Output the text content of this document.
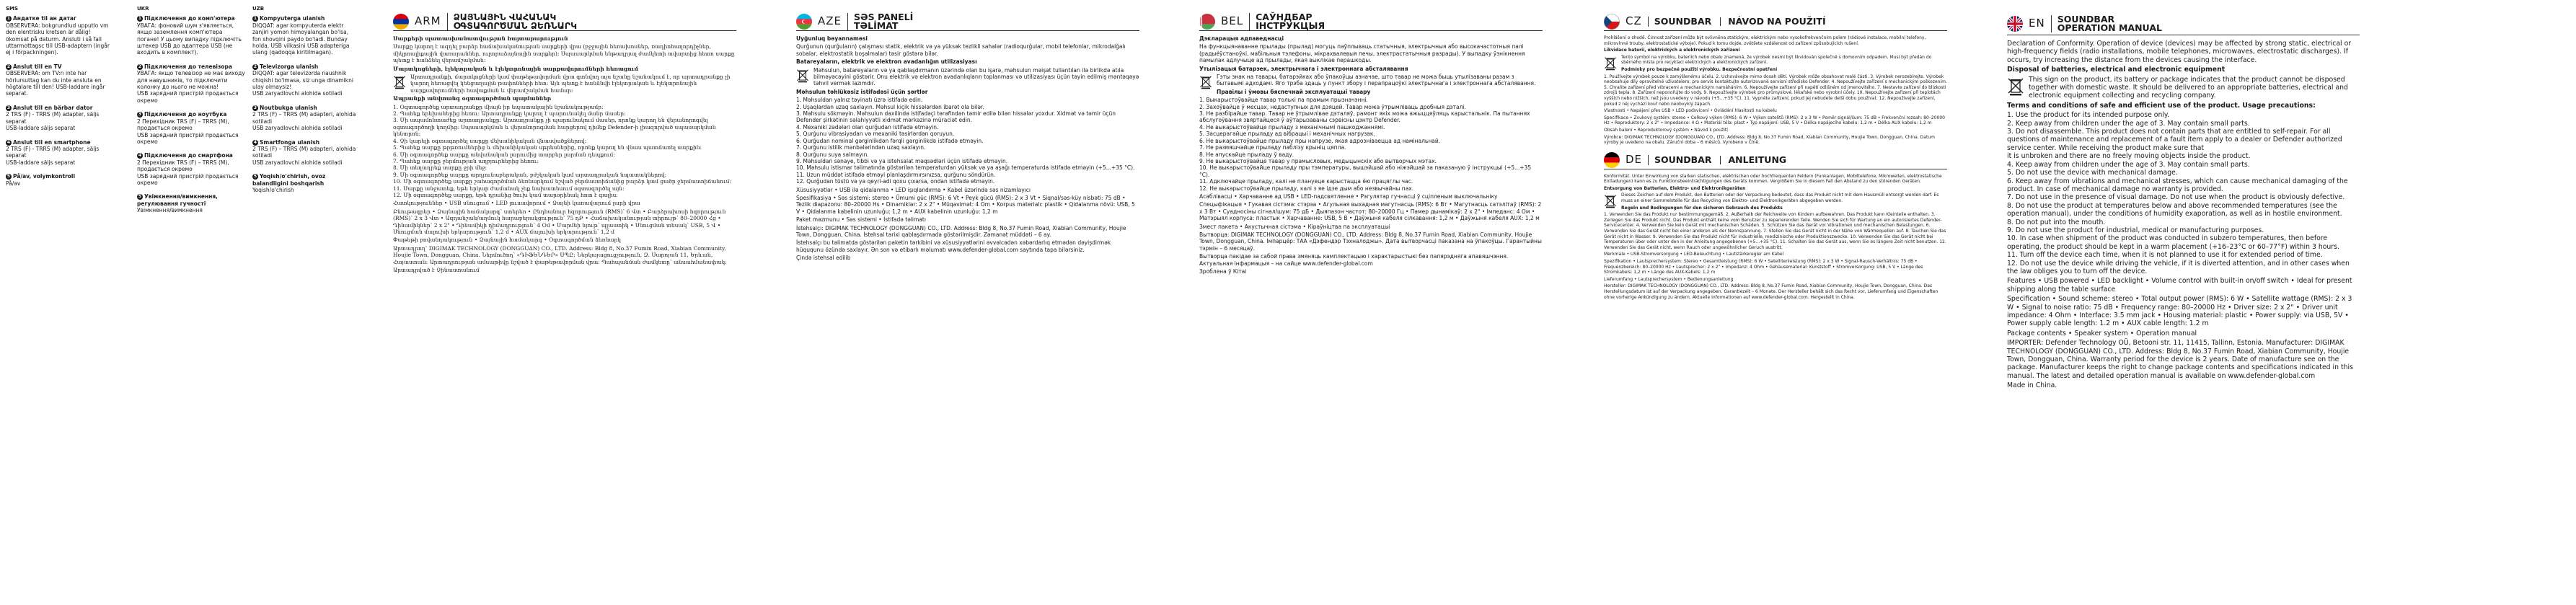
SMS

1 Андатке tii ан датаг

OBSERVERA: bokgrundlud upputlo vm den elentrisku kretsen är dålig! ökomsat på daturm. Ansluti i så fall uttarmottagsc till USB-adaptern (ingår ej i förpackningen).

2 Anslut till en TV

OBSERVERA: om TV:n inte har hörlursuttag kan du inte ansluta en högtalare till den! USB-laddare ingår separat.

3 Anslut till en bärbar dator

2 TRS (F) - TRRS (M) adapter, säljs separat
USB-laddare säljs separat

4 Anslut till en smartphone

2 TRS (F) - TRRS (M) adapter, säljs separat
USB-laddare säljs separat

5 På/av, volymkontroll

På/av

UKR

1 Підключення до комп'ютера

УВАГА: фоновий шум з'являється, якщо заземлення комп'ютера погане! У цьому випадку підключіть штекер USB до адаптера USB (не входить в комплект).

2 Підключення до телевізора

УВАГА: якщо телевізор не має виходу для навушників, то підключити колонку до нього не можна!
USB зарядний пристрій продається окремо

3 Підключення до ноутбука

2 Перехідник TRS (F) – TRRS (M), продається окремо
USB зарядний пристрій продається окремо

4 Підключення до смартфона

2 Перехідник TRS (F) – TRRS (M), продається окремо
USB зарядний пристрій продається окремо

5 Увімкнення/вимкнення, регулювання гучності

Увімкнення/вимкнення

UZB

1 Kompyuterga ulanish

DIQQAT: agar kompyuterda elektr zanjiri yomon himoyalangan bo'lsa, fon shovqini paydo bo'ladi. Bunday holda, USB vilkasini USB adapteriga ulang (qadoqqa kiritilmagan).

2 Televizorga ulanish

DIQQAT: agar televizorda naushnik chiqishi bo'lmasa, siz unga dinamikni ulay olmaysiz!
USB zaryadlovchi alohida sotiladi

3 Noutbukga ulanish

2 TRS (F) – TRRS (M) adapteri, alohida sotiladi
USB zaryadlovchi alohida sotiladi

4 Smartfonga ulanish

2 TRS (F) – TRRS (M) adapteri, alohida sotiladi
USB zaryadlovchi alohida sotiladi

5 Yoqish/o'chirish, ovoz balandligini boshqarish

Yoqish/o'chirish

ARM ՁԱՅՆԱՅԻՆ ՎԱՀԱՆԱԿ
ՕԳՏԱԳՈՐԾՄԱՆ ՁԵՌՆԱՐԿ

Սարքերի պատասխանատվության հայտարարություն

Սարքը կարող է ազդել բարձր հաճախականության սարքերի վրա (բջջային հեռախոսներ, ռադիոհաղորդիչներ, միկրոալիքային վառարաններ, ուլտրաձայնային սարքեր)։ Սպասարկման ենթադրյալ ժամկետի ավարտից հետո սարքը պետք է հանձնել վերամշակման։

Մարտկոցների, էլեկտրական և էլեկտրոնային սարքավորումների հեռացում

Արտադրանքի, մարտկոցների կամ փաթեթավորման վրա գտնվող այս նշանը նշանակում է, որ արտադրանքը չի կարող հեռացվել կենցաղային թափոնների հետ։ Այն պետք է հանձնվի էլեկտրական և էլեկտրոնային սարքավորումների հավաքման և վերամշակման համար։

Ապրանքի անվտանգ օգտագործման պայմաններ

1. Օգտագործեք արտադրանքը միայն իր նպատակային նշանակությամբ։
2. Պահեք երեխաներից հեռու։ Արտադրանքը կարող է պարունակել մանր մասեր։
3. Մի ապամոնտաժեք արտադրանքը։ Արտադրանքը չի պարունակում մասեր, որոնք կարող են վերանորոգվել օգտագործողի կողմից։ Սպասարկման և վերանորոգման հարցերով դիմեք Defender-ի լիազորված սպասարկման կենտրոն։
4. Չի կարելի օգտագործել սարքը մեխանիկական վնասվածքներով։
5. Պահեք սարքը թրթռումներից և մեխանիկական սթրեսներից, որոնք կարող են վնաս պատճառել սարքին։
6. Մի օգտագործեք սարքը անվանական լարումից տարբեր լարման դեպքում։
7. Պահեք սարքը ջերմության աղբյուրներից հեռու։
8. Մի տեղադրեք սարքը ջրի մեջ։
9. Մի օգտագործեք սարքը արդյունաբերական, բժշկական կամ արտադրական նպատակներով։
10. Մի օգտագործեք սարքը շահագործման ձեռնարկում նշված ջերմաստիճանից բարձր կամ ցածր ջերմաստիճանում։
11. Սարքը անջատեք, եթե երկար ժամանակ չեք նախատեսում օգտագործել այն։
12. Մի օգտագործեք սարքը, եթե դրանից ծուխ կամ տարօրինակ հոտ է գալիս։

Հատկություններ • USB սնուցում • LED լուսավորում • Ձայնի կառավարում լարի վրա

Բնութագրեր • Ձայնային համակարգ՝ ստերեո • Ընդհանուր հզորություն (RMS)՝ 6 Վտ • Բարձրախոսի հզորություն (RMS)՝ 2 x 3 Վտ • Ազդանշան/աղմուկ հարաբերակցություն՝ 75 դԲ • Հաճախականության տիրույթ՝ 80–20000 Հց • Դինամիկներ՝ 2 x 2" • Դինամիկի դիմադրություն՝ 4 Օմ • Մարմնի նյութ՝ պլաստիկ • Սնուցման տեսակ՝ USB, 5 Վ • Սնուցման մալուխի երկարություն՝ 1,2 մ • AUX մալուխի երկարություն՝ 1,2 մ

Փաթեթի բովանդակություն • Ձայնային համակարգ • Օգտագործման ձեռնարկ

Արտադրող՝ DIGIMAK TECHNOLOGY (DONGGUAN) CO., LTD. Address: Bldg 8, No.37 Fumin Road, Xiabian Community, Houjie Town, Dongguan, China. Ներմուծող՝ «ԴԻՖԵՆԴԵՐ» ՍՊԸ։ Ներկայացուցչություն, Զ. Սարոյան 11, Երևան, Հայաստան։ Արտադրության ամսաթիվը նշված է փաթեթավորման վրա։ Պահպանման ժամկետը՝ անսահմանափակ։

Արտադրված է Չինաստանում

AZE SƏS PANELİ
TƏLİMAT

Uyğunluq bəyannaməsi

Qurğunun (qurğuların) çalışması statik, elektrik və ya yüksək tezlikli sahələr (radioqurğular, mobil telefonlar, mikrodalğalı sobalar, elektrostatik boşalmalar) təsir göstərə bilər.

Batareyaların, elektrik və elektron avadanlığın utilizasiyası

Məhsulun, batareyaların və ya qablaşdırmanın üzərində olan bu işarə, məhsulun məişət tullantıları ilə birlikdə atıla bilməyəcəyini göstərir. Onu elektrik və elektron avadanlıqların toplanması və utilizasiyası üçün təyin edilmiş məntəqəyə təhvil vermək lazımdır.

Məhsulun təhlükəsiz istifadəsi üçün şərtlər

1. Məhsuldan yalnız təyinatı üzrə istifadə edin.
2. Uşaqlardan uzaq saxlayın. Məhsul kiçik hissələrdən ibarət ola bilər.
3. Məhsulu sökməyin. Məhsulun daxilində istifadəçi tərəfindən təmir edilə bilən hissələr yoxdur. Xidmət və təmir üçün Defender şirkətinin səlahiyyətli xidmət mərkəzinə müraciət edin.
4. Mexaniki zədələri olan qurğudan istifadə etməyin.
5. Qurğunu vibrasiyadan və mexaniki təsirlərdən qoruyun.
6. Qurğudan nominal gərginlikdən fərqli gərginlikdə istifadə etməyin.
7. Qurğunu istilik mənbələrindən uzaq saxlayın.
8. Qurğunu suya salmayın.
9. Məhsuldan sənaye, tibbi və ya istehsalat məqsədləri üçün istifadə etməyin.
10. Məhsulu istismar təlimatında göstərilən temperaturdan yüksək və ya aşağı temperaturda istifadə etməyin (+5...+35 °C).
11. Uzun müddət istifadə etməyi planlaşdırmırsınızsa, qurğunu söndürün.
12. Qurğudan tüstü və ya qeyri-adi qoxu çıxarsa, ondan istifadə etməyin.

Xüsusiyyətlər • USB ilə qidalanma • LED işıqlandırma • Kabel üzərində səs nizamlayıcı

Spesifikasiya • Səs sistemi: stereo • Ümumi güc (RMS): 6 Vt • Peyk gücü (RMS): 2 x 3 Vt • Siqnal/səs-küy nisbəti: 75 dB • Tezlik diapazonu: 80–20000 Hs • Dinamiklər: 2 x 2" • Müqavimət: 4 Om • Korpus materialı: plastik • Qidalanma növü: USB, 5 V • Qidalanma kabelinin uzunluğu: 1,2 m • AUX kabelinin uzunluğu: 1,2 m

Paket məzmunu • Səs sistemi • İstifadə təlimatı

İstehsalçı: DIGIMAK TECHNOLOGY (DONGGUAN) CO., LTD. Address: Bldg 8, No.37 Fumin Road, Xiabian Community, Houjie Town, Dongguan, China. İstehsal tarixi qablaşdırmada göstərilmişdir. Zəmanət müddəti – 6 ay.

İstehsalçı bu təlimatda göstərilən paketin tərkibini və xüsusiyyətlərini əvvəlcədən xəbərdarlıq etmədən dəyişdirmək hüququnu özündə saxlayır. Ən son və etibarlı məlumatı www.defender-global.com saytında tapa bilərsiniz.

Çində istehsal edilib

BEL САЎНДБАР
ІНСТРУКЦЫЯ

Дэкларацыя адпаведнасці

На функцыянаванне прылады (прылад) могуць паўплываць статычныя, электрычныя або высокачастотныя палі (радыёўстаноўкі, мабільныя тэлефоны, мікрахвалевыя печы, электрастатычныя разрады). У выпадку ўзнікнення памылак адлучыце ад прылады, якая выклікае перашкоды.

Утылізацыя батарэек, электрычнага і электроннага абсталявання

Гэты знак на тавары, батарэйках або ўпакоўцы азначае, што тавар не можа быць утылізаваны разам з бытавымі адходамі. Яго трэба здаць у пункт збору і перапрацоўкі электрычнага і электроннага абсталявання.

Правілы і ўмовы бяспечнай эксплуатацыі тавару

1. Выкарыстоўвайце тавар толькі па прамым прызначэнні.
2. Захоўвайце ў месцах, недаступных для дзяцей. Тавар можа ўтрымліваць дробныя дэталі.
3. Не разбірайце тавар. Тавар не ўтрымлівае дэталяў, рамонт якіх можа ажыццяўляць карыстальнік. Па пытаннях абслугоўвання звяртайцеся ў аўтарызаваны сэрвісны цэнтр Defender.
4. Не выкарыстоўвайце прыладу з механічнымі пашкоджаннямі.
5. Засцерагайце прыладу ад вібрацыі і механічных нагрузак.
6. Не выкарыстоўвайце прыладу пры напрузе, якая адрозніваецца ад намінальнай.
7. Не размяшчайце прыладу паблізу крыніц цяпла.
8. Не апускайце прыладу ў ваду.
9. Не выкарыстоўвайце тавар у прамысловых, медыцынскіх або вытворчых мэтах.
10. Не выкарыстоўвайце прыладу пры тэмпературы, вышэйшай або ніжэйшай за паказаную ў інструкцыі (+5...+35 °C).
11. Адключайце прыладу, калі не плануеце карыстацца ёю працяглы час.
12. Не выкарыстоўвайце прыладу, калі з яе ідзе дым або незвычайны пах.

Асаблівасці • Харчаванне ад USB • LED-падсвятленне • Рэгулятар гучнасці ў сціпленым выключальніку

Спецыфікацыя • Гукавая сістэма: стэрэа • Агульная выхадная магутнасць (RMS): 6 Вт • Магутнасць сатэлітаў (RMS): 2 x 3 Вт • Суадносіны сігнал/шум: 75 дБ • Дыяпазон частот: 80–20000 Гц • Памер дынамікаў: 2 x 2" • Імпеданс: 4 Ом • Матэрыял корпуса: пластык • Харчаванне: USB, 5 В • Даўжыня кабеля сілкавання: 1,2 м • Даўжыня кабеля AUX: 1,2 м

Змест пакета • Акустычная сістэма • Кіраўніцтва па эксплуатацыі

Вытворца: DIGIMAK TECHNOLOGY (DONGGUAN) CO., LTD. Address: Bldg 8, No.37 Fumin Road, Xiabian Community, Houjie Town, Dongguan, China. Імпарцёр: ТАА «Дэфендэр Тэхналоджы». Дата вытворчасці паказана на ўпакоўцы. Гарантыйны тэрмін – 6 месяцаў.

Вытворца пакідае за сабой права змяняць камплектацыю і характарыстыкі без папярэдняга апавяшчэння. Актуальная інфармацыя – на сайце www.defender-global.com

Зроблена ў Кітаі

CZ SOUNDBAR	NÁVOD NA POUŽITÍ

Prohlášení o shodě. Činnost zařízení může být ovlivněna statickým, elektrickým nebo vysokofrekvenčním polem (rádiové instalace, mobilní telefony, mikrovlnné trouby, elektrostatické výboje). Pokud k tomu dojde, zvětšete vzdálenost od zařízení způsobujících rušení.

Likvidace baterií, elektrických a elektronických zařízení

Tento symbol na výrobku, bateriích nebo obalu znamená, že výrobek nesmí být likvidován společně s domovním odpadem. Musí být předán do sběrného místa pro recyklaci elektrických a elektronických zařízení.

Podmínky pro bezpečné použití výrobku. Bezpečnostní opatření

1. Používejte výrobek pouze k zamýšlenému účelu. 2. Uchovávejte mimo dosah dětí. Výrobek může obsahovat malé části. 3. Výrobek nerozebírejte. Výrobek neobsahuje díly opravitelné uživatelem; pro servis kontaktujte autorizované servisní středisko Defender. 4. Nepoužívejte zařízení s mechanickým poškozením. 5. Chraňte zařízení před vibracemi a mechanickým namáháním. 6. Nepoužívejte zařízení při napětí odlišném od jmenovitého. 7. Nestavte zařízení do blízkosti zdrojů tepla. 8. Zařízení neponořujte do vody. 9. Nepoužívejte výrobek pro průmyslové, lékařské nebo výrobní účely. 10. Nepoužívejte zařízení při teplotách vyšších nebo nižších, než jsou uvedeny v návodu (+5...+35 °C). 11. Vypněte zařízení, pokud jej nebudete delší dobu používat. 12. Nepoužívejte zařízení, pokud z něj vychází kouř nebo neobvyklý zápach.

Vlastnosti • Napájení přes USB • LED podsvícení • Ovládání hlasitosti na kabelu

Specifikace • Zvukový systém: stereo • Celkový výkon (RMS): 6 W • Výkon satelitů (RMS): 2 x 3 W • Poměr signál/šum: 75 dB • Frekvenční rozsah: 80–20000 Hz • Reproduktory: 2 x 2" • Impedance: 4 Ω • Materiál těla: plast • Typ napájení: USB, 5 V • Délka napájecího kabelu: 1,2 m • Délka AUX kabelu: 1,2 m

Obsah balení • Reproduktorový systém • Návod k použití

Výrobce: DIGIMAK TECHNOLOGY (DONGGUAN) CO., LTD. Address: Bldg 8, No.37 Fumin Road, Xiabian Community, Houjie Town, Dongguan, China. Datum výroby je uvedeno na obalu. Záruční doba – 6 měsíců. Vyrobeno v Číně.

DE SOUNDBAR	ANLEITUNG

Konformität. Unter Einwirkung von starken statischen, elektrischen oder hochfrequenten Feldern (Funkanlagen, Mobiltelefone, Mikrowellen, elektrostatische Entladungen) kann es zu Funktionsbeeinträchtigungen des Geräts kommen. Vergrößern Sie in diesem Fall den Abstand zu den störenden Geräten.

Entsorgung von Batterien, Elektro- und Elektronikgeräten

Dieses Zeichen auf dem Produkt, den Batterien oder der Verpackung bedeutet, dass das Produkt nicht mit dem Hausmüll entsorgt werden darf. Es muss an einer Sammelstelle für das Recycling von Elektro- und Elektronikgeräten abgegeben werden.

Regeln und Bedingungen für den sicheren Gebrauch des Produkts

1. Verwenden Sie das Produkt nur bestimmungsgemäß. 2. Außerhalb der Reichweite von Kindern aufbewahren. Das Produkt kann Kleinteile enthalten. 3. Zerlegen Sie das Produkt nicht. Das Produkt enthält keine vom Benutzer zu reparierenden Teile. Wenden Sie sich für Wartung an ein autorisiertes Defender-Servicecenter. 4. Verwenden Sie kein Gerät mit mechanischen Schäden. 5. Schützen Sie das Gerät vor Vibrationen und mechanischen Belastungen. 6. Verwenden Sie das Gerät nicht bei einer anderen als der Nennspannung. 7. Stellen Sie das Gerät nicht in der Nähe von Wärmequellen auf. 8. Tauchen Sie das Gerät nicht in Wasser. 9. Verwenden Sie das Produkt nicht für industrielle, medizinische oder Produktionszwecke. 10. Verwenden Sie das Gerät nicht bei Temperaturen über oder unter den in der Anleitung angegebenen (+5...+35 °C). 11. Schalten Sie das Gerät aus, wenn Sie es längere Zeit nicht benutzen. 12. Verwenden Sie das Gerät nicht, wenn Rauch oder ungewöhnlicher Geruch austritt.

Merkmale • USB-Stromversorgung • LED-Beleuchtung • Lautstärkeregler am Kabel

Spezifikation • Lautsprechersystem: Stereo • Gesamtleistung (RMS): 6 W • Satellitenleistung (RMS): 2 x 3 W • Signal-Rausch-Verhältnis: 75 dB • Frequenzbereich: 80–20000 Hz • Lautsprecher: 2 x 2" • Impedanz: 4 Ohm • Gehäusematerial: Kunststoff • Stromversorgung: USB, 5 V • Länge des Stromkabels: 1,2 m • Länge des AUX-Kabels: 1,2 m

Lieferumfang • Lautsprechersystem • Bedienungsanleitung

Hersteller: DIGIMAK TECHNOLOGY (DONGGUAN) CO., LTD. Address: Bldg 8, No.37 Fumin Road, Xiabian Community, Houjie Town, Dongguan, China. Das Herstellungsdatum ist auf der Verpackung angegeben. Garantiezeit – 6 Monate. Der Hersteller behält sich das Recht vor, Lieferumfang und Eigenschaften ohne vorherige Ankündigung zu ändern. Aktuelle Informationen auf www.defender-global.com. Hergestellt in China.

EN SOUNDBAR
OPERATION MANUAL

Declaration of Conformity. Operation of device (devices) may be affected by strong static, electrical or high-frequency fields (radio installations, mobile telephones, microwaves, electrostatic discharges). If occurs, try increasing the distance from the devices causing the interface.

Disposal of batteries, electrical and electronic equipment

This sign on the product, its battery or package indicates that the product cannot be disposed together with domestic waste. It should be delivered to an appropriate batteries, electrical and electronic equipment collecting and recycling company.

Terms and conditions of safe and efficient use of the product. Usage precautions:

1. Use the product for its intended purpose only.
2. Keep away from children under the age of 3. May contain small parts.
3. Do not disassemble. This product does not contain parts that are entitled to self-repair. For all questions of maintenance and replacement of a fault item apply to a dealer or Defender authorized service center. While receiving the product make sure that
it is unbroken and there are no freely moving objects inside the product.
4. Keep away from children under the age of 3. May contain small parts.
5. Do not use the device with mechanical damage.
6. Keep away from vibrations and mechanical stresses, which can cause mechanical damaging of the product. In case of mechanical damage no warranty is provided.
7. Do not use in the presence of visual damage. Do not use when the product is obviously defective.
8. Do not use the product at temperatures below and above recommended temperatures (see the operation manual), under the conditions of humidity exaporation, as well as in hostile environment.
8. Do not put into the mouth.
9. Do not use the product for industrial, medical or manufacturing purposes.
10. In case when shipment of the product was conducted in subzero temperatures, then before operating, the product should be kept in a warm placement (+16–23°C or 60–77°F) within 3 hours.
11. Turn off the device each time, when it is not planned to use it for extended period of time.
12. Do not use the device while driving the vehicle, if it is diverted attention, and in other cases when the law obliges you to turn off the device.

Features • USB powered • LED backlight • Volume control with built-in on/off switch • Ideal for present shipping along the table surface

Specification • Sound scheme: stereo • Total output power (RMS): 6 W • Satellite wattage (RMS): 2 x 3 W • Signal to noise ratio: 75 dB • Frequency range: 80–20000 Hz • Driver size: 2 x 2" • Driver unit impedance: 4 Ohm • Interface: 3.5 mm jack • Housing material: plastic • Power supply: via USB, 5V • Power supply cable length: 1.2 m • AUX cable length: 1.2 m

Package contents • Speaker system • Operation manual

IMPORTER: Defender Technology OÜ, Betooni str. 11, 11415, Tallinn, Estonia. Manufacturer: DIGIMAK TECHNOLOGY (DONGGUAN) CO., LTD. Address: Bldg 8, No.37 Fumin Road, Xiabian Community, Houjie Town, Dongguan, China. Warranty period for the device is 2 years. Date of manufacture see on the package. Manufacturer keeps the right to change package contents and specifications indicated in this manual. The latest and detailed operation manual is available on www.defender-global.com

Made in China.
